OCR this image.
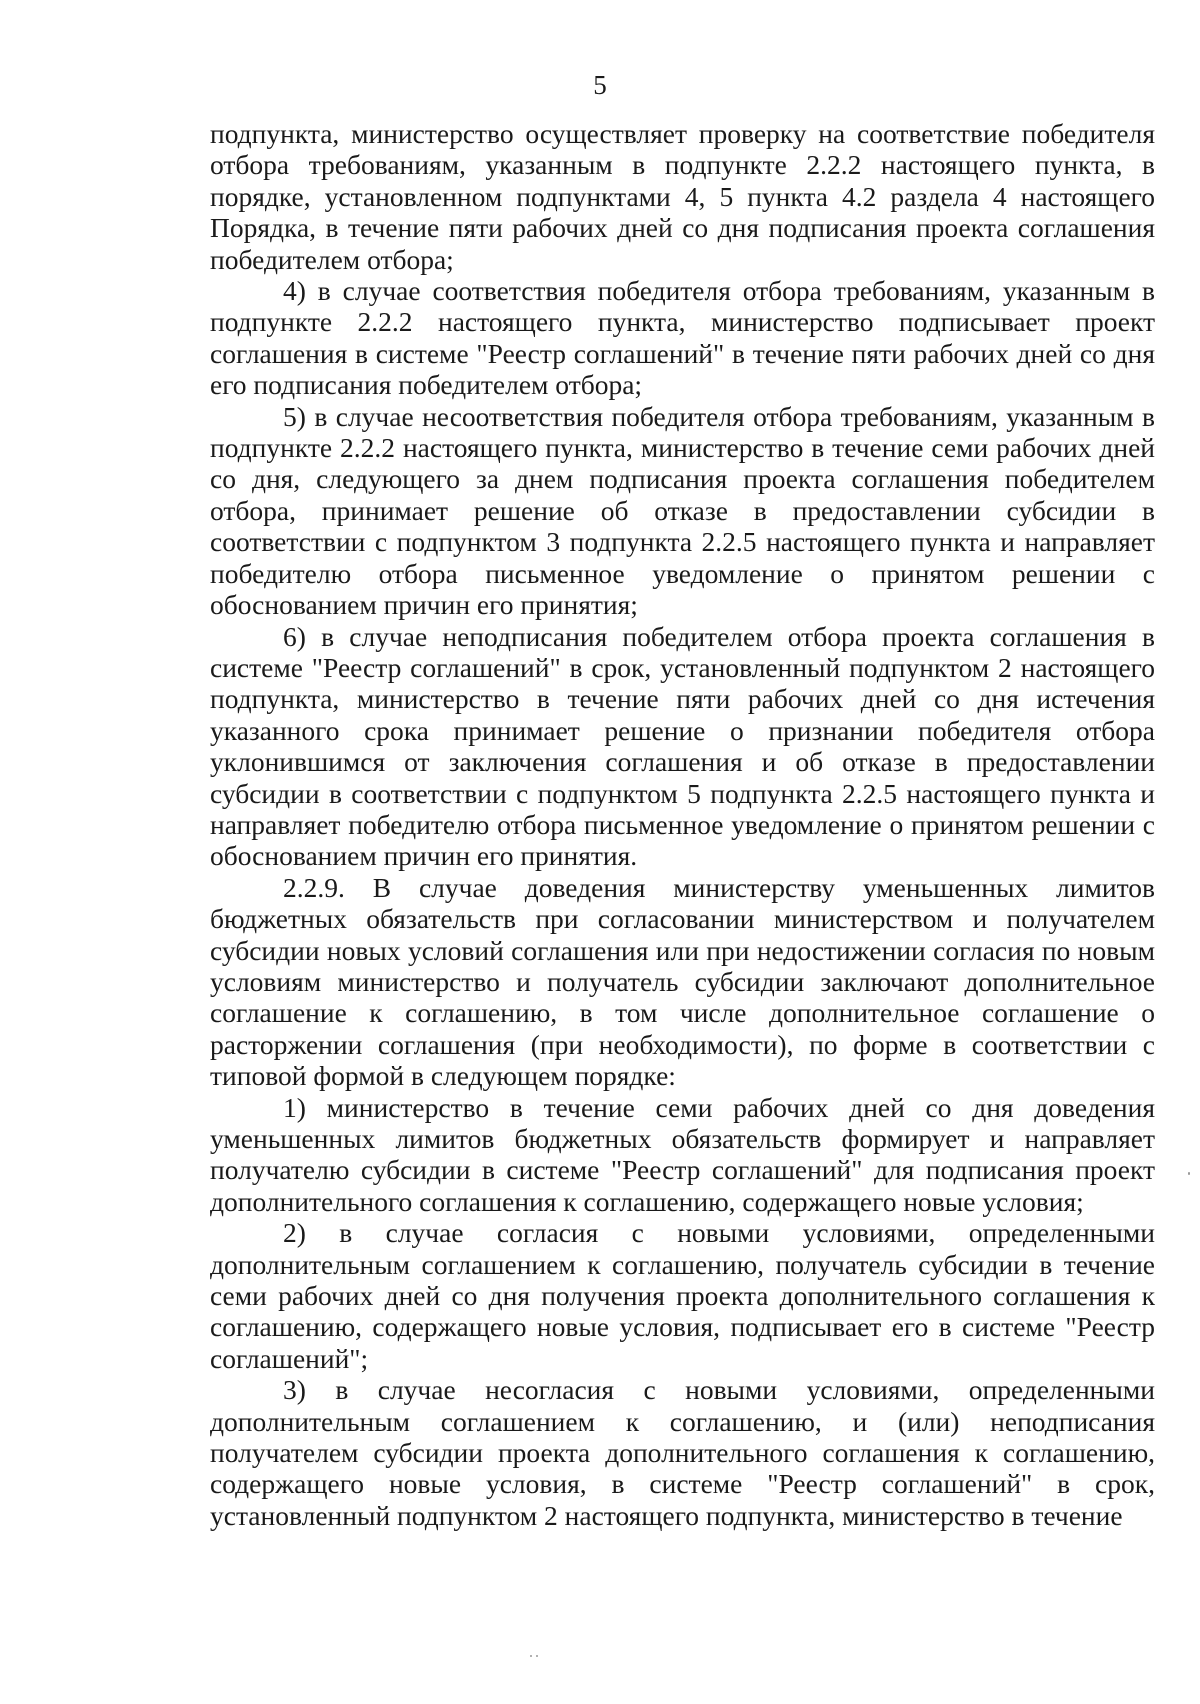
5

подпункта, министерство осуществляет проверку на соответствие победителя отбора требованиям, указанным в подпункте 2.2.2 настоящего пункта, в порядке, установленном подпунктами 4, 5 пункта 4.2 раздела 4 настоящего Порядка, в течение пяти рабочих дней со дня подписания проекта соглашения победителем отбора;

4) в случае соответствия победителя отбора требованиям, указанным в подпункте 2.2.2 настоящего пункта, министерство подписывает проект соглашения в системе "Реестр соглашений" в течение пяти рабочих дней со дня его подписания победителем отбора;

5) в случае несоответствия победителя отбора требованиям, указанным в подпункте 2.2.2 настоящего пункта, министерство в течение семи рабочих дней со дня, следующего за днем подписания проекта соглашения победителем отбора, принимает решение об отказе в предоставлении субсидии в соответствии с подпунктом 3 подпункта 2.2.5 настоящего пункта и направляет победителю отбора письменное уведомление о принятом решении с обоснованием причин его принятия;

6) в случае неподписания победителем отбора проекта соглашения в системе "Реестр соглашений" в срок, установленный подпунктом 2 настоящего подпункта, министерство в течение пяти рабочих дней со дня истечения указанного срока принимает решение о признании победителя отбора уклонившимся от заключения соглашения и об отказе в предоставлении субсидии в соответствии с подпунктом 5 подпункта 2.2.5 настоящего пункта и направляет победителю отбора письменное уведомление о принятом решении с обоснованием причин его принятия.

2.2.9. В случае доведения министерству уменьшенных лимитов бюджетных обязательств при согласовании министерством и получателем субсидии новых условий соглашения или при недостижении согласия по новым условиям министерство и получатель субсидии заключают дополнительное соглашение к соглашению, в том числе дополнительное соглашение о расторжении соглашения (при необходимости), по форме в соответствии с типовой формой в следующем порядке:

1) министерство в течение семи рабочих дней со дня доведения уменьшенных лимитов бюджетных обязательств формирует и направляет получателю субсидии в системе "Реестр соглашений" для подписания проект дополнительного соглашения к соглашению, содержащего новые условия;

2) в случае согласия с новыми условиями, определенными дополнительным соглашением к соглашению, получатель субсидии в течение семи рабочих дней со дня получения проекта дополнительного соглашения к соглашению, содержащего новые условия, подписывает его в системе "Реестр соглашений";

3) в случае несогласия с новыми условиями, определенными дополнительным соглашением к соглашению, и (или) неподписания получателем субсидии проекта дополнительного соглашения к соглашению, содержащего новые условия, в системе "Реестр соглашений" в срок, установленный подпунктом 2 настоящего подпункта, министерство в течение
